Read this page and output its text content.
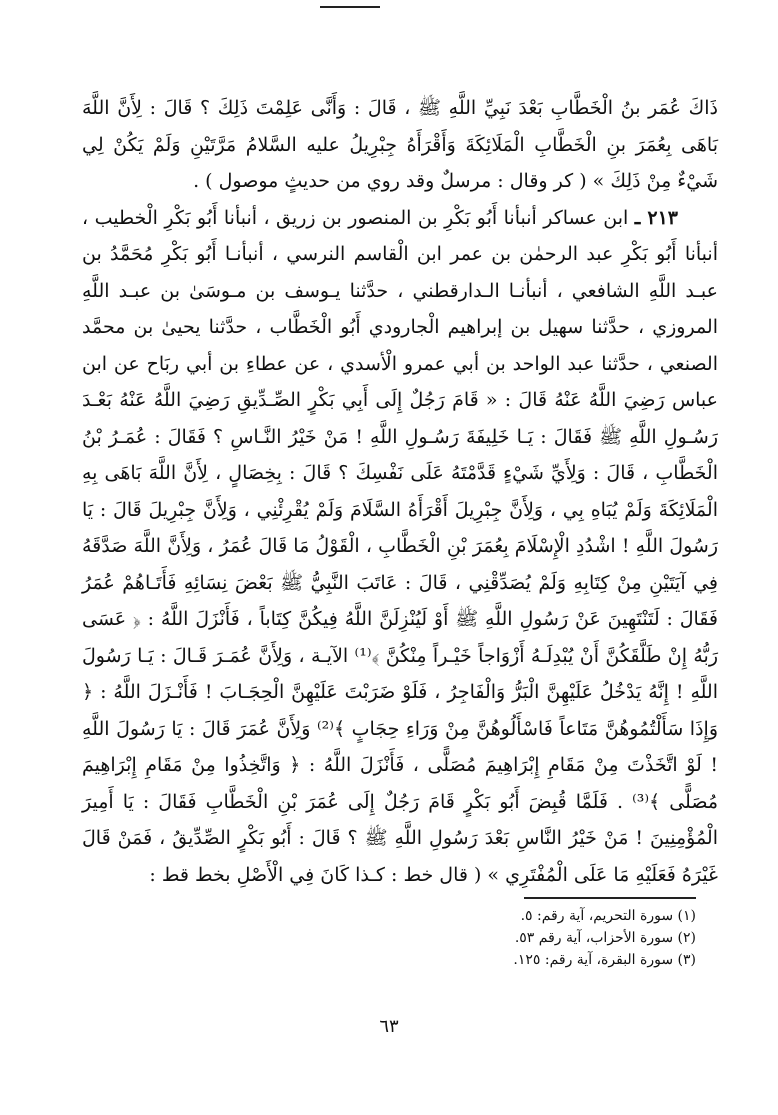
ذَاكَ عُمَر بنُ الْخَطَّابِ بَعْدَ نَبِيِّ اللَّهِ ﷺ ، قَالَ : وَأَنَّى عَلِمْتَ ذَلِكَ ؟ قَالَ : لِأَنَّ اللَّهَ بَاهَى بِعُمَرَ بنِ الْخَطَّابِ الْمَلَائِكَةَ وَأَقْرَأَهُ جِبْرِيلُ عليه السَّلامُ مَرَّتَيْنِ وَلَمْ يَكُنْ لِي شَيْءٌ مِنْ ذَلِكَ » ( كر وقال : مرسلٌ وقد روي من حديثٍ موصول ) .

٢١٣ ـ ابن عساكر أنبأنا أَبُو بَكْرِ بن المنصور بن زريق ، أنبأنا أَبُو بَكْرِ الْخطيب ، أنبأنا أَبُو بَكْرِ عبد الرحمٰن بن عمر ابن الْقاسم النرسي ، أنبأنـا أَبُو بَكْرِ مُحَمَّدُ بن عبـد اللَّهِ الشافعي ، أنبأنـا الـدارقطني ، حدَّثنا يـوسف بن مـوسَىٰ بن عبـد اللَّهِ المروزي ، حدَّثنا سهيل بن إبراهيم الْجارودي أَبُو الْخَطَّاب ، حدَّثنا يحيىٰ بن محمَّد الصنعي ، حدَّثنا عبد الواحد بن أبي عمرو الْأسدي ، عن عطاءِ بن أبي ربَاح عن ابن عباس رَضِيَ اللَّهُ عَنْهُ قَالَ : « قَامَ رَجُلٌ إِلَى أَبِي بَكْرٍ الصِّـدِّيقِ رَضِيَ اللَّهُ عَنْهُ بَعْـدَ رَسُـولِ اللَّهِ ﷺ فَقَالَ : يَـا خَلِيفَةَ رَسُـولِ اللَّهِ ! مَنْ خَيْرُ النَّـاسِ ؟ فَقَالَ : عُمَـرُ بْنُ الْخَطَّابِ ، قَالَ : وَلِأَيِّ شَيْءٍ قَدَّمْتَهُ عَلَى نَفْسِكَ ؟ قَالَ : بِخِصَالٍ ، لِأَنَّ اللَّهَ بَاهَى بِهِ الْمَلَائِكَةَ وَلَمْ يُبَاهِ بِي ، وَلِأَنَّ جِبْرِيلَ أَقْرَأَهُ السَّلَامَ وَلَمْ يُقْرِئْنِي ، وَلِأَنَّ جِبْرِيلَ قَالَ : يَا رَسُولَ اللَّهِ ! اشْدُدِ الْإِسْلَامَ بِعُمَرَ بْنِ الْخَطَّابِ ، الْقَوْلُ مَا قَالَ عُمَرُ ، وَلِأَنَّ اللَّهَ صَدَّقَهُ فِي آيَتَيْنِ مِنْ كِتَابِهِ وَلَمْ يُصَدِّقْنِي ، قَالَ : عَاتَبَ النَّبِيُّ ﷺ بَعْضَ نِسَائِهِ فَأَتَـاهُمْ عُمَرُ فَقَالَ : لَتَنْتَهِينَ عَنْ رَسُولِ اللَّهِ ﷺ أَوْ لَيُنْزِلَنَّ اللَّهُ فِيكُنَّ كِتَاباً ، فَأَنْزَلَ اللَّهُ : ﴿ عَسَى رَبُّهُ إِنْ طَلَّقَكُنَّ أَنْ يُبْدِلَـهُ أَزْوَاجاً خَيْـراً مِنْكُنَّ ﴾⁽¹⁾ الآيـة ، وَلِأَنَّ عُمَـرَ قَـالَ : يَـا رَسُولَ اللَّهِ ! إِنَّهُ يَدْخُلُ عَلَيْهِنَّ الْبَرُّ وَالْفَاجِرُ ، فَلَوْ ضَرَبْتَ عَلَيْهِنَّ الْحِجَـابَ ! فَأَنْـزَلَ اللَّهُ : ﴿ وَإِذَا سَأَلْتُمُوهُنَّ مَتَاعاً فَاسْأَلُوهُنَّ مِنْ وَرَاءِ حِجَابٍ ﴾⁽²⁾ وَلِأَنَّ عُمَرَ قَالَ : يَا رَسُولَ اللَّهِ ! لَوْ اتَّخَذْتَ مِنْ مَقَامِ إِبْرَاهِيمَ مُصَلًّى ، فَأَنْزَلَ اللَّهُ : ﴿ وَاتَّخِذُوا مِنْ مَقَامِ إِبْرَاهِيمَ مُصَلًّى ﴾⁽³⁾ . فَلَمَّا قُبِضَ أَبُو بَكْرٍ قَامَ رَجُلٌ إِلَى عُمَرَ بْنِ الْخَطَّابِ فَقَالَ : يَا أَمِيرَ الْمُؤْمِنِينَ ! مَنْ خَيْرُ النَّاسِ بَعْدَ رَسُولِ اللَّهِ ﷺ ؟ قَالَ : أَبُو بَكْرٍ الصِّدِّيقُ ، فَمَنْ قَالَ غَيْرَهُ فَعَلَيْهِ مَا عَلَى الْمُفْتَرِي » ( قال خط : كـذا كَانَ فِي الْأَصْلِ بخط قط :

(١) سورة التحريم، آية رقم: ٥.
(٢) سورة الأحزاب، آية رقم ٥٣.
(٣) سورة البقرة، آية رقم: ١٢٥.
٦٣
